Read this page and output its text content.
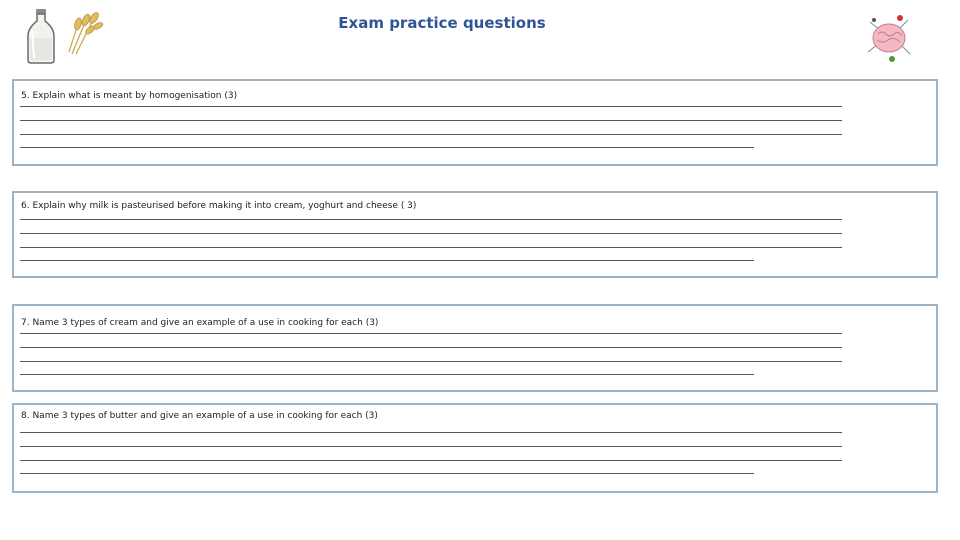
Exam practice questions
5. Explain what is meant by homogenisation (3)
6. Explain why milk is pasteurised before making it into cream, yoghurt and cheese ( 3)
7. Name 3 types of cream and give an example of a use in cooking for each (3)
8. Name 3 types of butter and give an example of a use in cooking for each (3)
